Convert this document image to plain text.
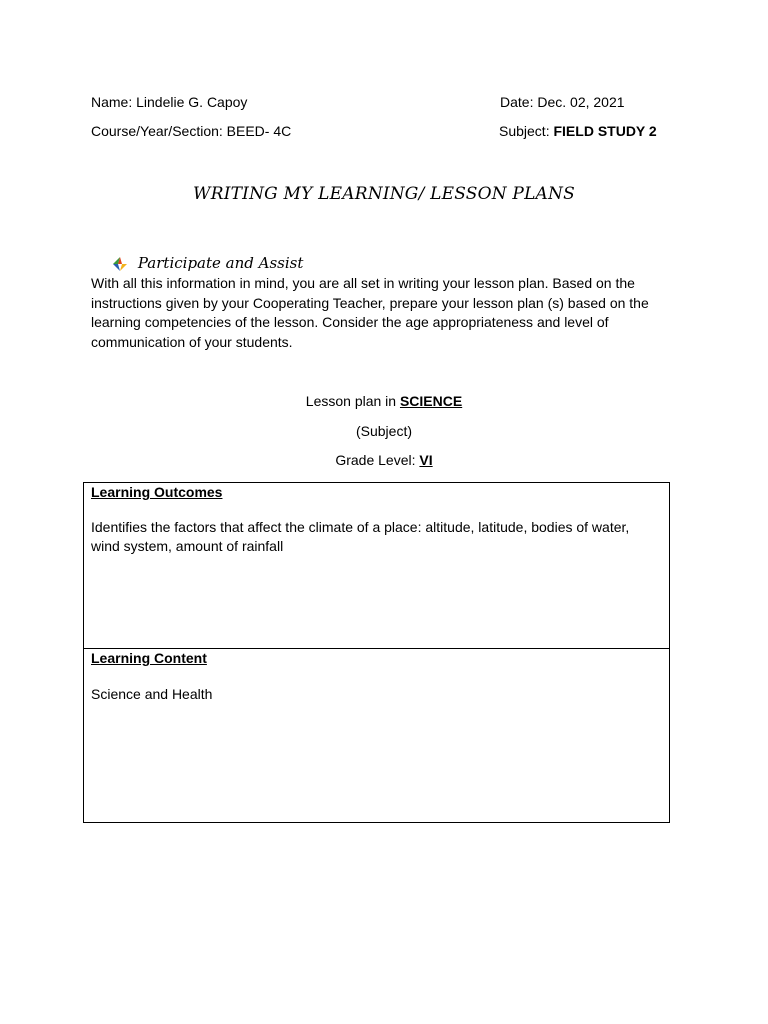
Name: Lindelie G. Capoy	Date: Dec. 02, 2021
Course/Year/Section: BEED- 4C	Subject: FIELD STUDY 2
WRITING MY LEARNING/ LESSON PLANS
Participate and Assist
With all this information in mind, you are all set in writing your lesson plan. Based on the instructions given by your Cooperating Teacher, prepare your lesson plan (s) based on the learning competencies of the lesson. Consider the age appropriateness and level of communication of your students.
Lesson plan in SCIENCE
(Subject)
Grade Level: VI
Learning Outcomes
Identifies the factors that affect the climate of a place: altitude, latitude, bodies of water, wind system, amount of rainfall
Learning Content
Science and Health
